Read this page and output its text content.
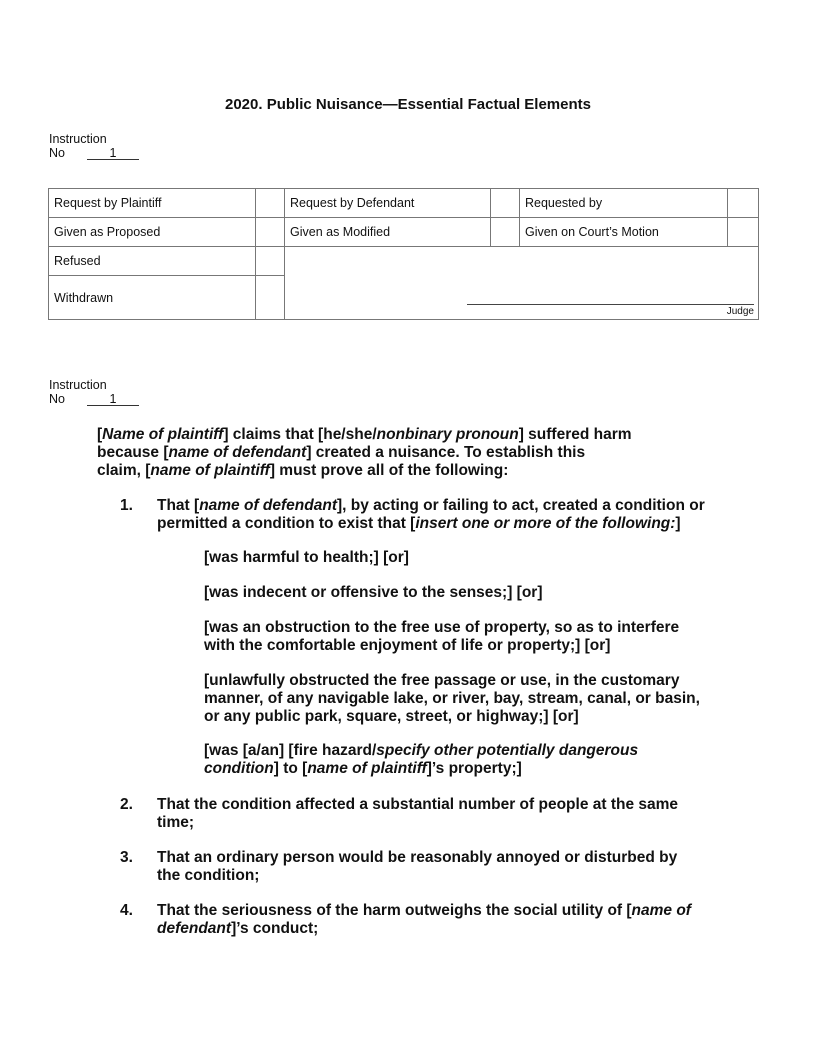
2020. Public Nuisance—Essential Factual Elements
Instruction
No	1
Request by Plaintiff		Request by Defendant		Requested by	
Given as Proposed		Given as Modified		Given on Court’s Motion	
Refused					
Withdrawn					
Judge
Instruction
No	1
[Name of plaintiff] claims that [he/she/nonbinary pronoun] suffered harm
because [name of defendant] created a nuisance. To establish this
claim, [name of plaintiff] must prove all of the following:
1. That [name of defendant], by acting or failing to act, created a condition or
permitted a condition to exist that [insert one or more of the following:]
2. That the condition affected a substantial number of people at the same
time;
3. That an ordinary person would be reasonably annoyed or disturbed by
the condition;
4. That the seriousness of the harm outweighs the social utility of [name of
defendant]’s conduct;
[was harmful to health;] [or]
[was indecent or offensive to the senses;] [or]
[was an obstruction to the free use of property, so as to interfere
with the comfortable enjoyment of life or property;] [or]
[unlawfully obstructed the free passage or use, in the customary
manner, of any navigable lake, or river, bay, stream, canal, or basin,
or any public park, square, street, or highway;] [or]
[was [a/an] [fire hazard/specify other potentially dangerous
condition] to [name of plaintiff]’s property;]
